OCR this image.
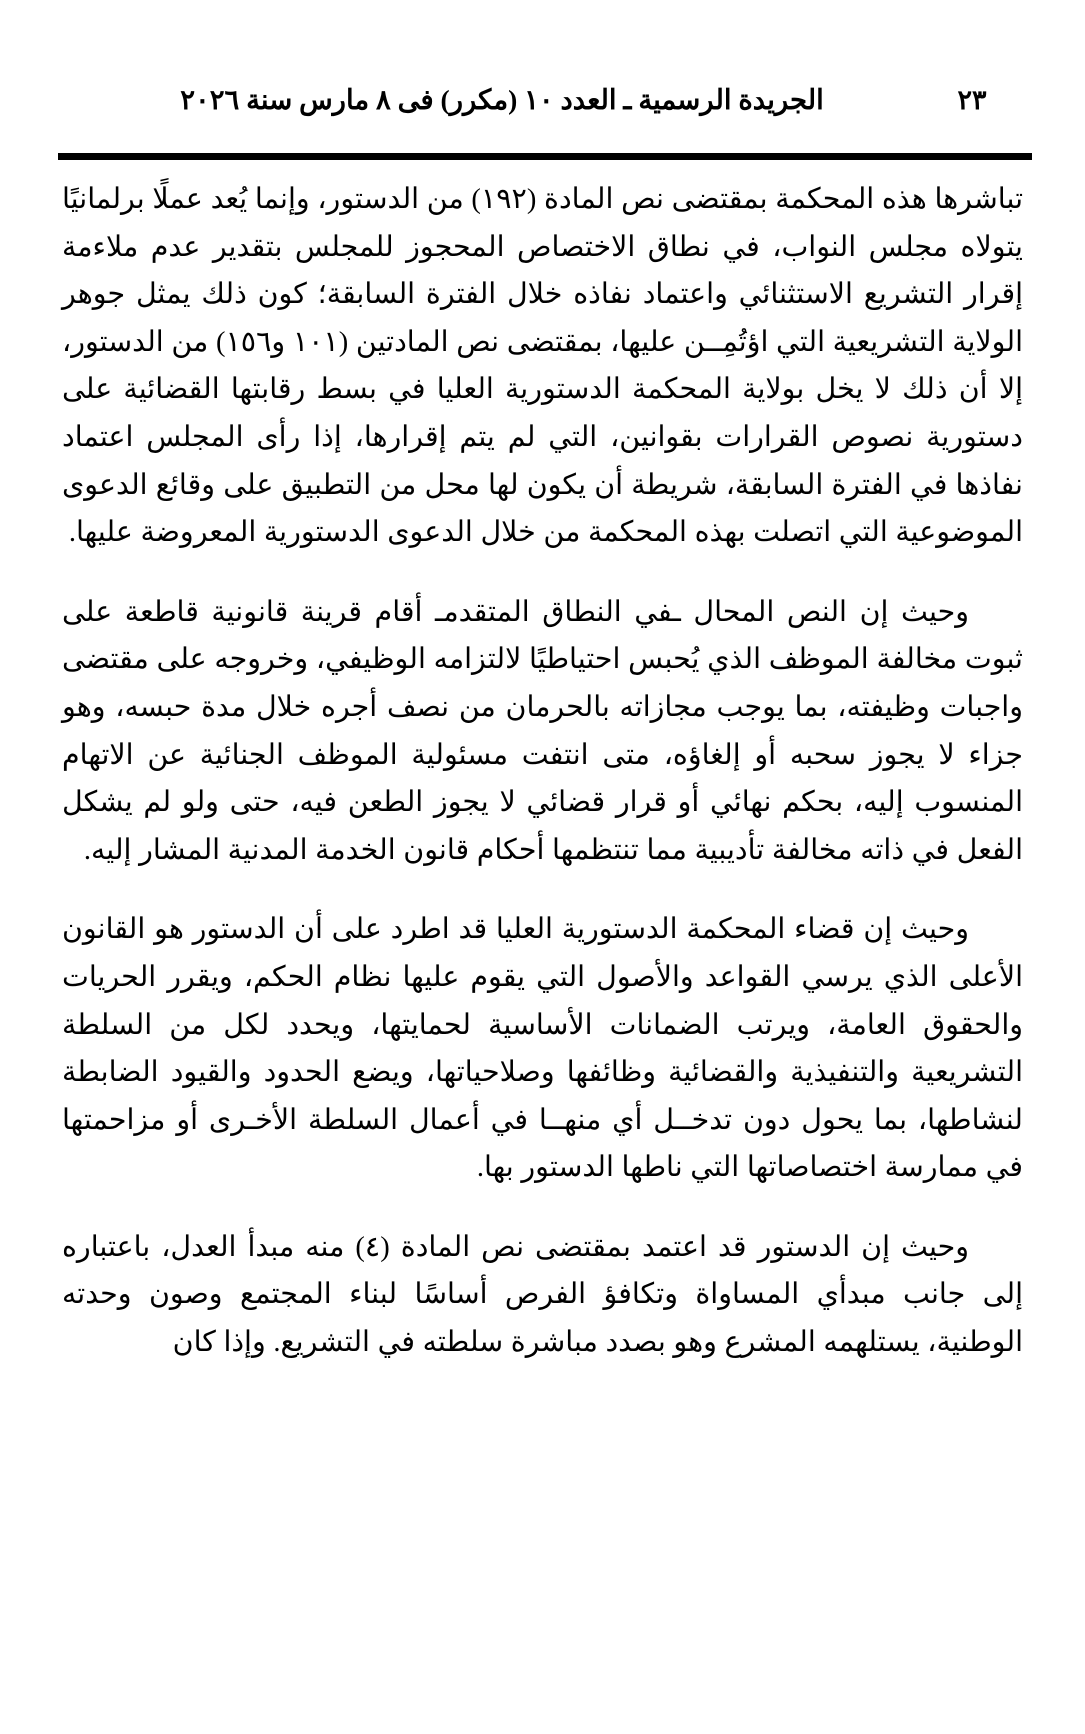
٢٣
الجريدة الرسمية ـ العدد ١٠ (مكرر) فى ٨ مارس سنة ٢٠٢٦

تباشرها هذه المحكمة بمقتضى نص المادة (١٩٢) من الدستور، وإنما يُعد عملًا برلمانيًا يتولاه مجلس النواب، في نطاق الاختصاص المحجوز للمجلس بتقدير عدم ملاءمة إقرار التشريع الاستثنائي واعتماد نفاذه خلال الفترة السابقة؛ كون ذلك يمثل جوهر الولاية التشريعية التي اؤتُمِــن عليها، بمقتضى نص المادتين (١٠١ و١٥٦) من الدستور، إلا أن ذلك لا يخل بولاية المحكمة الدستورية العليا في بسط رقابتها القضائية على دستورية نصوص القرارات بقوانين، التي لم يتم إقرارها، إذا رأى المجلس اعتماد نفاذها في الفترة السابقة، شريطة أن يكون لها محل من التطبيق على وقائع الدعوى الموضوعية التي اتصلت بهذه المحكمة من خلال الدعوى الدستورية المعروضة عليها.

وحيث إن النص المحال ـفي النطاق المتقدمـ أقام قرينة قانونية قاطعة على ثبوت مخالفة الموظف الذي يُحبس احتياطيًا لالتزامه الوظيفي، وخروجه على مقتضى واجبات وظيفته، بما يوجب مجازاته بالحرمان من نصف أجره خلال مدة حبسه، وهو جزاء لا يجوز سحبه أو إلغاؤه، متى انتفت مسئولية الموظف الجنائية عن الاتهام المنسوب إليه، بحكم نهائي أو قرار قضائي لا يجوز الطعن فيه، حتى ولو لم يشكل الفعل في ذاته مخالفة تأديبية مما تنتظمها أحكام قانون الخدمة المدنية المشار إليه.

وحيث إن قضاء المحكمة الدستورية العليا قد اطرد على أن الدستور هو القانون الأعلى الذي يرسي القواعد والأصول التي يقوم عليها نظام الحكم، ويقرر الحريات والحقوق العامة، ويرتب الضمانات الأساسية لحمايتها، ويحدد لكل من السلطة التشريعية والتنفيذية والقضائية وظائفها وصلاحياتها، ويضع الحدود والقيود الضابطة لنشاطها، بما يحول دون تدخــل أي منهــا في أعمال السلطة الأخـرى أو مزاحمتها في ممارسة اختصاصاتها التي ناطها الدستور بها.

وحيث إن الدستور قد اعتمد بمقتضى نص المادة (٤) منه مبدأ العدل، باعتباره إلى جانب مبدأي المساواة وتكافؤ الفرص أساسًا لبناء المجتمع وصون وحدته الوطنية، يستلهمه المشرع وهو بصدد مباشرة سلطته في التشريع. وإذا كان
